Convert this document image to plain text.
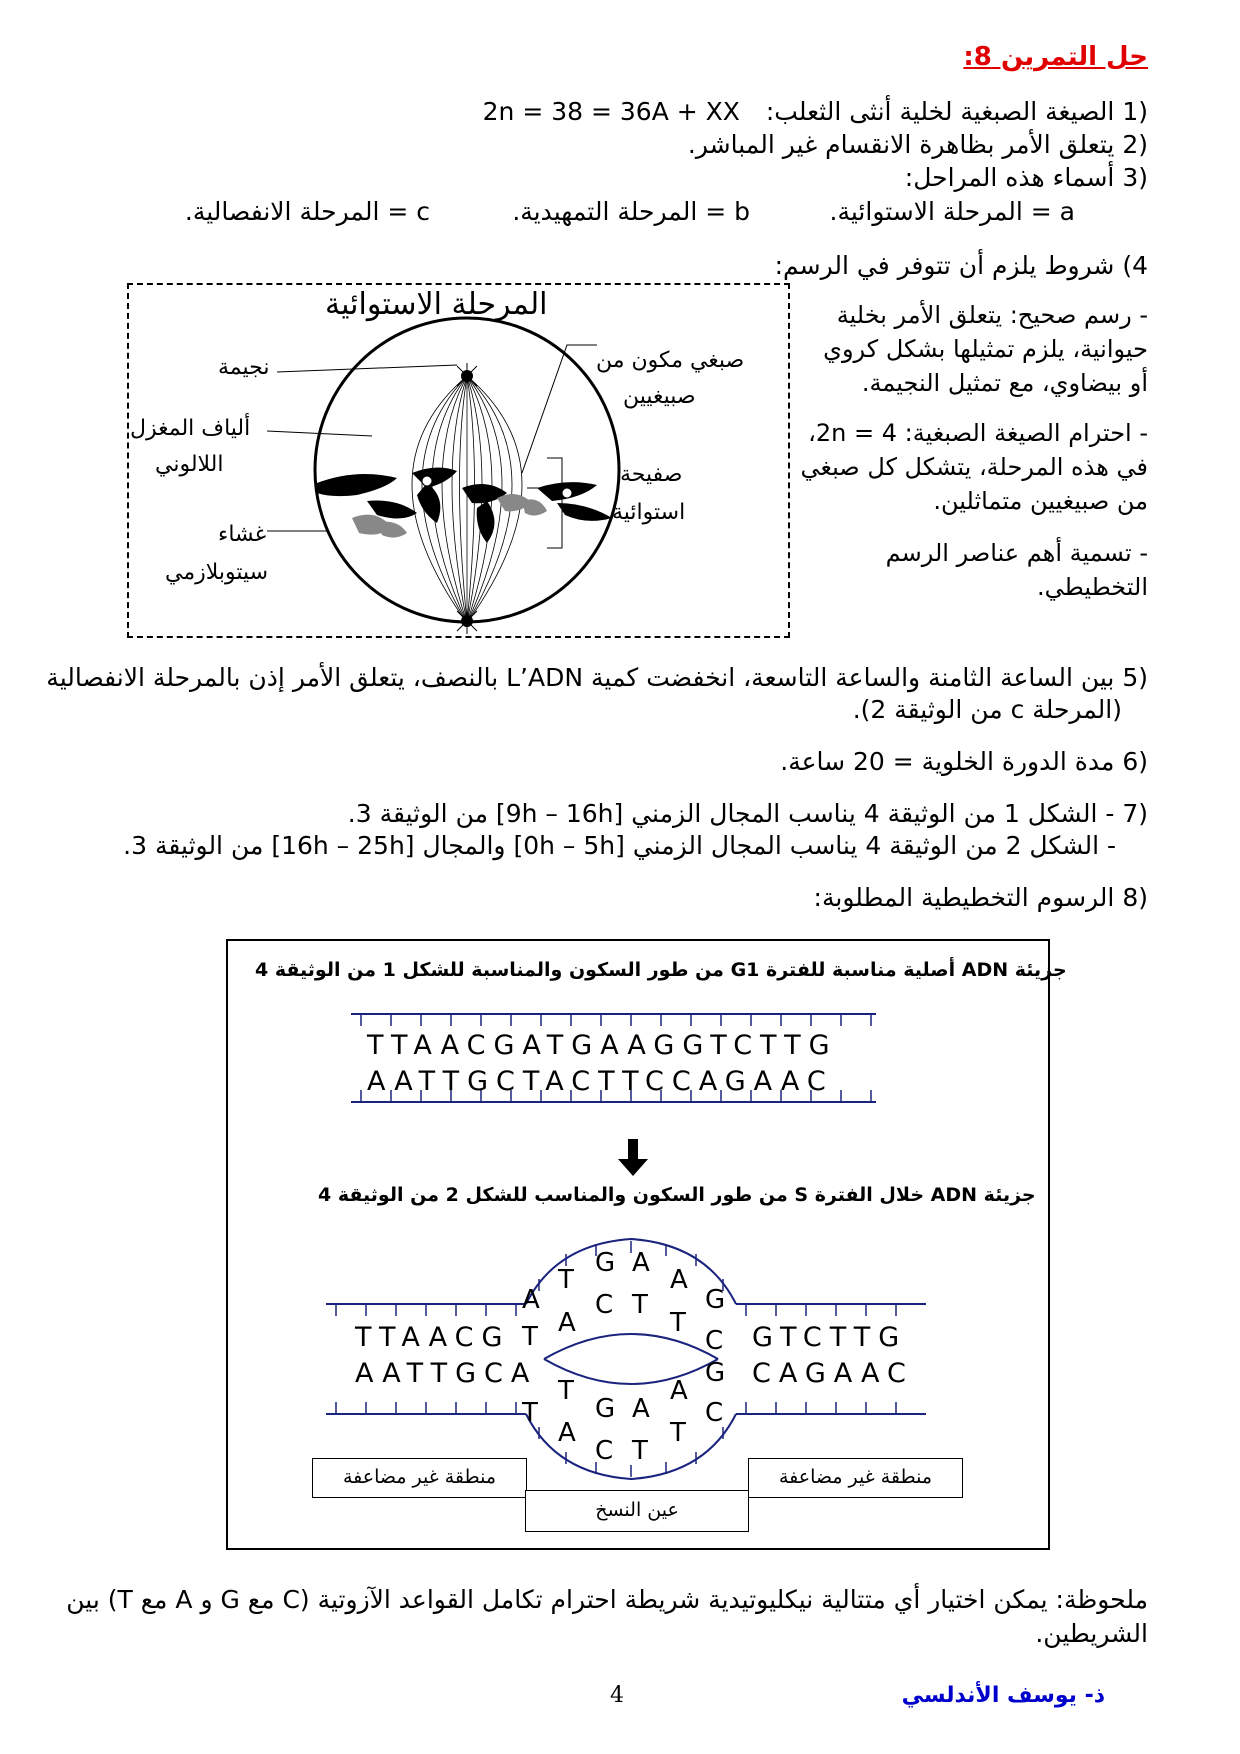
حل التمرين 8:
(1 الصيغة الصبغية لخلية أنثى الثعلب: 2n = 38 = 36A + XX
(2 يتعلق الأمر بظاهرة الانقسام غير المباشر.
(3 أسماء هذه المراحل:
a = المرحلة الاستوائية.
b = المرحلة التمهيدية.
c = المرحلة الانفصالية.
4) شروط يلزم أن تتوفر في الرسم:
- رسم صحيح: يتعلق الأمر بخلية حيوانية، يلزم تمثيلها بشكل كروي أو بيضاوي، مع تمثيل النجيمة.
- احترام الصيغة الصبغية: 2n = 4، في هذه المرحلة، يتشكل كل صبغي من صبيغيين متماثلين.
- تسمية أهم عناصر الرسم التخطيطي.
المرحلة الاستوائية
نجيمة
ألياف المغزل
اللالوني
غشاء
سيتوبلازمي
صبغي مكون من
صبيغيين
صفيحة
استوائية
(5 بين الساعة الثامنة والساعة التاسعة، انخفضت كمية L’ADN بالنصف، يتعلق الأمر إذن بالمرحلة الانفصالية
(المرحلة c من الوثيقة 2).
(6 مدة الدورة الخلوية = 20 ساعة.
(7 - الشكل 1 من الوثيقة 4 يناسب المجال الزمني [9h – 16h] من الوثيقة 3.
- الشكل 2 من الوثيقة 4 يناسب المجال الزمني [0h – 5h] والمجال [16h – 25h] من الوثيقة 3.
(8 الرسوم التخطيطية المطلوبة:
جزيئة ADN أصلية مناسبة للفترة G1 من طور السكون والمناسبة للشكل 1 من الوثيقة 4
TTAACGATGAAGGTCTTG
AATTGCTACTTCCAGAAC
جزيئة ADN خلال الفترة S من طور السكون والمناسب للشكل 2 من الوثيقة 4
TTAACG
AATTGCA
GTCTTG
CAGAAC
A
T
G A
A
G
T A
C T
T
C
T
G A
A
G
T
A
C T
T
C
منطقة غير مضاعفة	منطقة غير مضاعفة
عين النسخ
ملحوظة: يمكن اختيار أي متتالية نيكليوتيدية شريطة احترام تكامل القواعد الآزوتية (C مع G و A مع T) بين
الشريطين.
4	ذ- يوسف الأندلسي
